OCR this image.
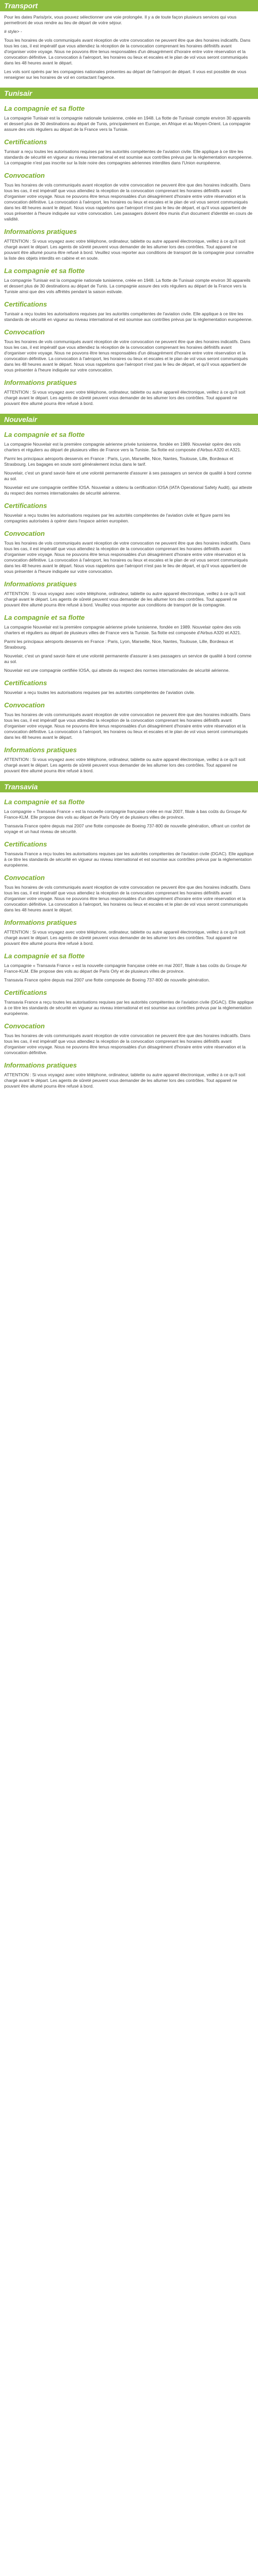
Transport

Pour les dates Paris/prix, vous pouvez sélectionner une voie prolongée. Il y a de toute façon plusieurs services qui vous permettront de vous rendre au lieu de départ de votre séjour.

# style> -

Tous les horaires de vols communiqués avant réception de votre convocation ne peuvent être que des horaires indicatifs. Dans tous les cas, il est impératif que vous attendiez la réception de la convocation comprenant les horaires définitifs avant d'organiser votre voyage. Nous ne pouvons être tenus responsables d'un désagrément d'horaire entre votre réservation et la convocation définitive. La convocation à l'aéroport, les horaires ou lieux et escales et le plan de vol vous seront communiqués dans les 48 heures avant le départ.

Les vols sont opérés par les compagnies nationales présentes au départ de l'aéroport de départ. Il vous est possible de vous renseigner sur les horaires de vol en contactant l'agence.

Tunisair
La compagnie et sa flotte

La compagnie Tunisair est la compagnie nationale tunisienne, créée en 1948. La flotte de Tunisair compte environ 30 appareils et dessert plus de 30 destinations au départ de Tunis, principalement en Europe, en Afrique et au Moyen-Orient. La compagnie assure des vols réguliers au départ de la France vers la Tunisie.

Certifications

Tunisair a reçu toutes les autorisations requises par les autorités compétentes de l'aviation civile. Elle applique à ce titre les standards de sécurité en vigueur au niveau international et est soumise aux contrôles prévus par la réglementation européenne. La compagnie n'est pas inscrite sur la liste noire des compagnies aériennes interdites dans l'Union européenne.

Convocation

Tous les horaires de vols communiqués avant réception de votre convocation ne peuvent être que des horaires indicatifs. Dans tous les cas, il est impératif que vous attendiez la réception de la convocation comprenant les horaires définitifs avant d'organiser votre voyage. Nous ne pouvons être tenus responsables d'un désagrément d'horaire entre votre réservation et la convocation définitive. La convocation à l'aéroport, les horaires ou lieux et escales et le plan de vol vous seront communiqués dans les 48 heures avant le départ. Nous vous rappelons que l'aéroport n'est pas le lieu de départ, et qu'il vous appartient de vous présenter à l'heure indiquée sur votre convocation. Les passagers doivent être munis d'un document d'identité en cours de validité.

Informations pratiques

ATTENTION : Si vous voyagez avec votre téléphone, ordinateur, tablette ou autre appareil électronique, veillez à ce qu'il soit chargé avant le départ. Les agents de sûreté peuvent vous demander de les allumer lors des contrôles. Tout appareil ne pouvant être allumé pourra être refusé à bord. Veuillez vous reporter aux conditions de transport de la compagnie pour connaître la liste des objets interdits en cabine et en soute.

La compagnie et sa flotte

La compagnie Tunisair est la compagnie nationale tunisienne, créée en 1948. La flotte de Tunisair compte environ 30 appareils et dessert plus de 30 destinations au départ de Tunis. La compagnie assure des vols réguliers au départ de la France vers la Tunisie ainsi que des vols affrétés pendant la saison estivale.

Certifications

Tunisair a reçu toutes les autorisations requises par les autorités compétentes de l'aviation civile. Elle applique à ce titre les standards de sécurité en vigueur au niveau international et est soumise aux contrôles prévus par la réglementation européenne.

Convocation

Tous les horaires de vols communiqués avant réception de votre convocation ne peuvent être que des horaires indicatifs. Dans tous les cas, il est impératif que vous attendiez la réception de la convocation comprenant les horaires définitifs avant d'organiser votre voyage. Nous ne pouvons être tenus responsables d'un désagrément d'horaire entre votre réservation et la convocation définitive. La convocation à l'aéroport, les horaires ou lieux et escales et le plan de vol vous seront communiqués dans les 48 heures avant le départ. Nous vous rappelons que l'aéroport n'est pas le lieu de départ, et qu'il vous appartient de vous présenter à l'heure indiquée sur votre convocation.

Informations pratiques

ATTENTION : Si vous voyagez avec votre téléphone, ordinateur, tablette ou autre appareil électronique, veillez à ce qu'il soit chargé avant le départ. Les agents de sûreté peuvent vous demander de les allumer lors des contrôles. Tout appareil ne pouvant être allumé pourra être refusé à bord.

Nouvelair
La compagnie et sa flotte

La compagnie Nouvelair est la première compagnie aérienne privée tunisienne, fondée en 1989. Nouvelair opère des vols charters et réguliers au départ de plusieurs villes de France vers la Tunisie. Sa flotte est composée d'Airbus A320 et A321.

Parmi les principaux aéroports desservis en France : Paris, Lyon, Marseille, Nice, Nantes, Toulouse, Lille, Bordeaux et Strasbourg. Les bagages en soute sont généralement inclus dans le tarif.

Nouvelair, c'est un grand savoir-faire et une volonté permanente d'assurer à ses passagers un service de qualité à bord comme au sol.

Nouvelair est une compagnie certifiée IOSA. Nouvelair a obtenu la certification IOSA (IATA Operational Safety Audit), qui atteste du respect des normes internationales de sécurité aérienne.

Certifications

Nouvelair a reçu toutes les autorisations requises par les autorités compétentes de l'aviation civile et figure parmi les compagnies autorisées à opérer dans l'espace aérien européen.

Convocation

Tous les horaires de vols communiqués avant réception de votre convocation ne peuvent être que des horaires indicatifs. Dans tous les cas, il est impératif que vous attendiez la réception de la convocation comprenant les horaires définitifs avant d'organiser votre voyage. Nous ne pouvons être tenus responsables d'un désagrément d'horaire entre votre réservation et la convocation définitive. La convocation à l'aéroport, les horaires ou lieux et escales et le plan de vol vous seront communiqués dans les 48 heures avant le départ. Nous vous rappelons que l'aéroport n'est pas le lieu de départ, et qu'il vous appartient de vous présenter à l'heure indiquée sur votre convocation.

Informations pratiques

ATTENTION : Si vous voyagez avec votre téléphone, ordinateur, tablette ou autre appareil électronique, veillez à ce qu'il soit chargé avant le départ. Les agents de sûreté peuvent vous demander de les allumer lors des contrôles. Tout appareil ne pouvant être allumé pourra être refusé à bord. Veuillez vous reporter aux conditions de transport de la compagnie.

La compagnie et sa flotte

La compagnie Nouvelair est la première compagnie aérienne privée tunisienne, fondée en 1989. Nouvelair opère des vols charters et réguliers au départ de plusieurs villes de France vers la Tunisie. Sa flotte est composée d'Airbus A320 et A321.

Parmi les principaux aéroports desservis en France : Paris, Lyon, Marseille, Nice, Nantes, Toulouse, Lille, Bordeaux et Strasbourg.

Nouvelair, c'est un grand savoir-faire et une volonté permanente d'assurer à ses passagers un service de qualité à bord comme au sol.

Nouvelair est une compagnie certifiée IOSA, qui atteste du respect des normes internationales de sécurité aérienne.

Certifications

Nouvelair a reçu toutes les autorisations requises par les autorités compétentes de l'aviation civile.

Convocation

Tous les horaires de vols communiqués avant réception de votre convocation ne peuvent être que des horaires indicatifs. Dans tous les cas, il est impératif que vous attendiez la réception de la convocation comprenant les horaires définitifs avant d'organiser votre voyage. Nous ne pouvons être tenus responsables d'un désagrément d'horaire entre votre réservation et la convocation définitive. La convocation à l'aéroport, les horaires ou lieux et escales et le plan de vol vous seront communiqués dans les 48 heures avant le départ.

Informations pratiques

ATTENTION : Si vous voyagez avec votre téléphone, ordinateur, tablette ou autre appareil électronique, veillez à ce qu'il soit chargé avant le départ. Les agents de sûreté peuvent vous demander de les allumer lors des contrôles. Tout appareil ne pouvant être allumé pourra être refusé à bord.

Transavia
La compagnie et sa flotte

La compagnie « Transavia France » est la nouvelle compagnie française créée en mai 2007, filiale à bas coûts du Groupe Air France-KLM. Elle propose des vols au départ de Paris Orly et de plusieurs villes de province.

Transavia France opère depuis mai 2007 une flotte composée de Boeing 737-800 de nouvelle génération, offrant un confort de voyage et un haut niveau de sécurité.

Certifications

Transavia France a reçu toutes les autorisations requises par les autorités compétentes de l'aviation civile (DGAC). Elle applique à ce titre les standards de sécurité en vigueur au niveau international et est soumise aux contrôles prévus par la réglementation européenne.

Convocation

Tous les horaires de vols communiqués avant réception de votre convocation ne peuvent être que des horaires indicatifs. Dans tous les cas, il est impératif que vous attendiez la réception de la convocation comprenant les horaires définitifs avant d'organiser votre voyage. Nous ne pouvons être tenus responsables d'un désagrément d'horaire entre votre réservation et la convocation définitive. La convocation à l'aéroport, les horaires ou lieux et escales et le plan de vol vous seront communiqués dans les 48 heures avant le départ.

Informations pratiques

ATTENTION : Si vous voyagez avec votre téléphone, ordinateur, tablette ou autre appareil électronique, veillez à ce qu'il soit chargé avant le départ. Les agents de sûreté peuvent vous demander de les allumer lors des contrôles. Tout appareil ne pouvant être allumé pourra être refusé à bord.

La compagnie et sa flotte

La compagnie « Transavia France » est la nouvelle compagnie française créée en mai 2007, filiale à bas coûts du Groupe Air France-KLM. Elle propose des vols au départ de Paris Orly et de plusieurs villes de province.

Transavia France opère depuis mai 2007 une flotte composée de Boeing 737-800 de nouvelle génération.

Certifications

Transavia France a reçu toutes les autorisations requises par les autorités compétentes de l'aviation civile (DGAC). Elle applique à ce titre les standards de sécurité en vigueur au niveau international et est soumise aux contrôles prévus par la réglementation européenne.

Convocation

Tous les horaires de vols communiqués avant réception de votre convocation ne peuvent être que des horaires indicatifs. Dans tous les cas, il est impératif que vous attendiez la réception de la convocation comprenant les horaires définitifs avant d'organiser votre voyage. Nous ne pouvons être tenus responsables d'un désagrément d'horaire entre votre réservation et la convocation définitive.

Informations pratiques

ATTENTION : Si vous voyagez avec votre téléphone, ordinateur, tablette ou autre appareil électronique, veillez à ce qu'il soit chargé avant le départ. Les agents de sûreté peuvent vous demander de les allumer lors des contrôles. Tout appareil ne pouvant être allumé pourra être refusé à bord.
